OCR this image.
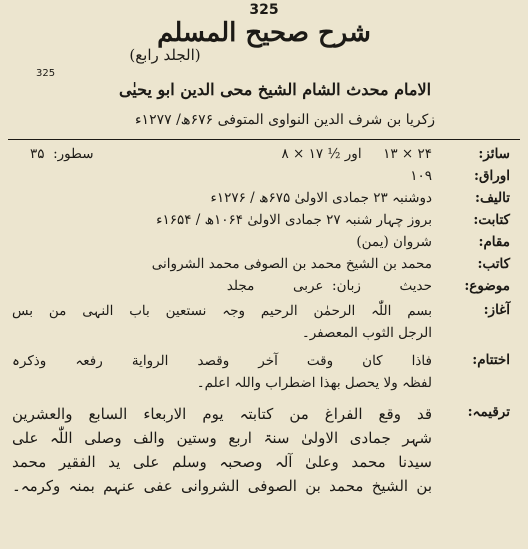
325
325
شرح صحیح المسلم
(الجلد رابع)
الامام محدث الشام الشیخ محی الدین ابو یحیٰی
زکریا بن شرف الدین النواوی المتوفی ۶۷۶ھ/ ۱۲۷۷ء
سائز:
۲۴ × ۱۳     اور ½ ۱۷ × ۸
سطور:  ۳۵
اوراق:
۱۰۹
تالیف:
دوشنبہ ۲۳ جمادی الاولیٰ ۶۷۵ھ / ۱۲۷۶ء
کتابت:
بروز چہار شنبہ ۲۷ جمادی الاولیٰ ۱۰۶۴ھ / ۱۶۵۴ء
مقام:
شروان (یمن)
کاتب:
محمد بن الشیخ محمد بن الصوفی محمد الشروانی
موضوع:
حدیث         زبان:  عربی         مجلد
آغاز:
بسم اللّٰہ الرحمٰن الرحیم وجہ نستعین باب النہی من بس
الرجل الثوب المعصفر۔
اختتام:
فاذا کان وقت آخر وقصد الروایة رفعہ وذکرہ
لفظہ ولا یحصل بھذا اضطراب واللہ اعلم۔
ترقیمہ:
قد وقع الفراغ من کتابتہ یوم الاربعاء السابع والعشرین
شہر جمادی الاولیٰ سنۃ اربع وستین والف وصلی اللّٰہ علی
سیدنا محمد وعلیٰ آلہ وصحبہ وسلم علی ید الفقیر محمد
بن الشیخ محمد بن الصوفی الشروانی عفی عنہم بمنہ وکرمہ۔
